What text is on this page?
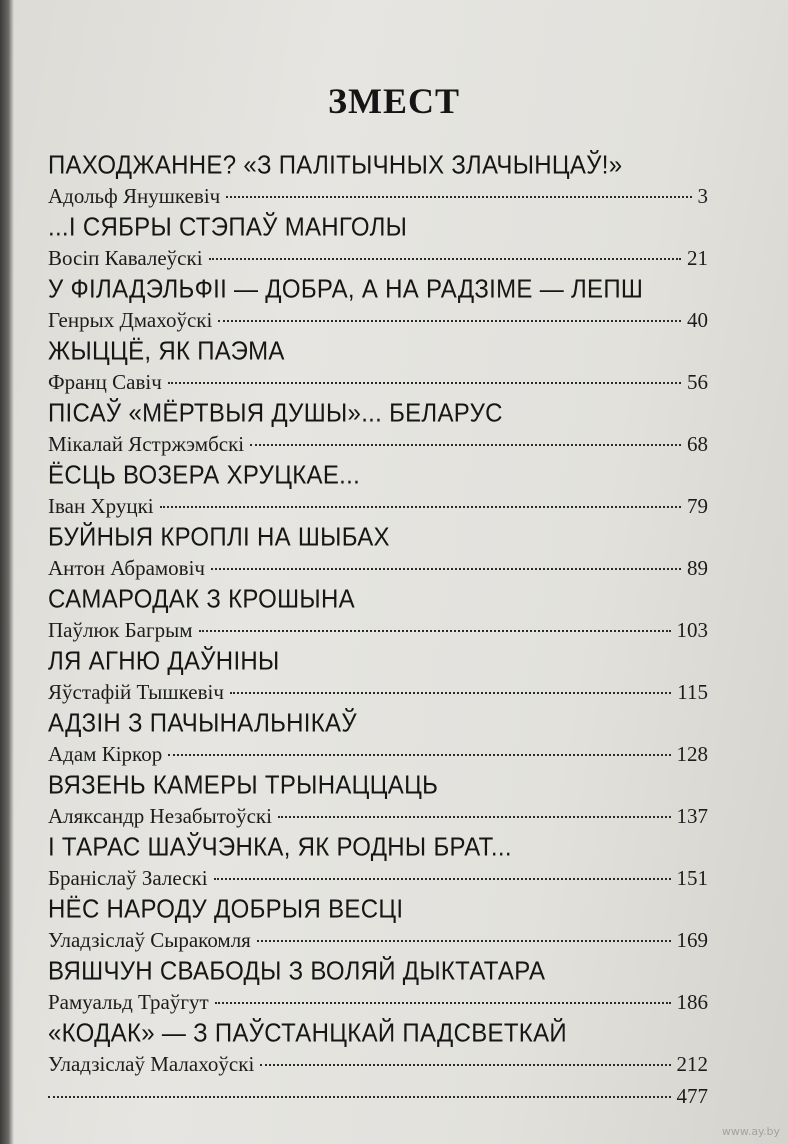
ЗМЕСТ
ПАХОДЖАННЕ? «З ПАЛІТЫЧНЫХ ЗЛАЧЫНЦАЎ!»
Адольф Янушкевіч	3
...І СЯБРЫ СТЭПАЎ МАНГОЛЫ
Восіп Кавалеўскі	21
У ФІЛАДЭЛЬФІІ — ДОБРА, А НА РАДЗІМЕ — ЛЕПШ
Генрых Дмахоўскі	40
ЖЫЦЦЁ, ЯК ПАЭМА
Франц Савіч	56
ПІСАЎ «МЁРТВЫЯ ДУШЫ»... БЕЛАРУС
Мікалай Ястржэмбскі	68
ЁСЦЬ ВОЗЕРА ХРУЦКАЕ...
Іван Хруцкі	79
БУЙНЫЯ КРОПЛІ НА ШЫБАХ
Антон Абрамовіч	89
САМАРОДАК З КРОШЫНА
Паўлюк Багрым	103
ЛЯ АГНЮ ДАЎНІНЫ
Яўстафій Тышкевіч	115
АДЗІН З ПАЧЫНАЛЬНІКАЎ
Адам Кіркор	128
ВЯЗЕНЬ КАМЕРЫ ТРЫНАЦЦАЦЬ
Аляксандр Незабытоўскі	137
І ТАРАС ШАЎЧЭНКА, ЯК РОДНЫ БРАТ...
Браніслаў Залескі	151
НЁС НАРОДУ ДОБРЫЯ ВЕСЦІ
Уладзіслаў Сыракомля	169
ВЯШЧУН СВАБОДЫ З ВОЛЯЙ ДЫКТАТАРА
Рамуальд Траўгут	186
«КОДАК» — З ПАЎСТАНЦКАЙ ПАДСВЕТКАЙ
Уладзіслаў Малахоўскі	212
477
www.ay.by
